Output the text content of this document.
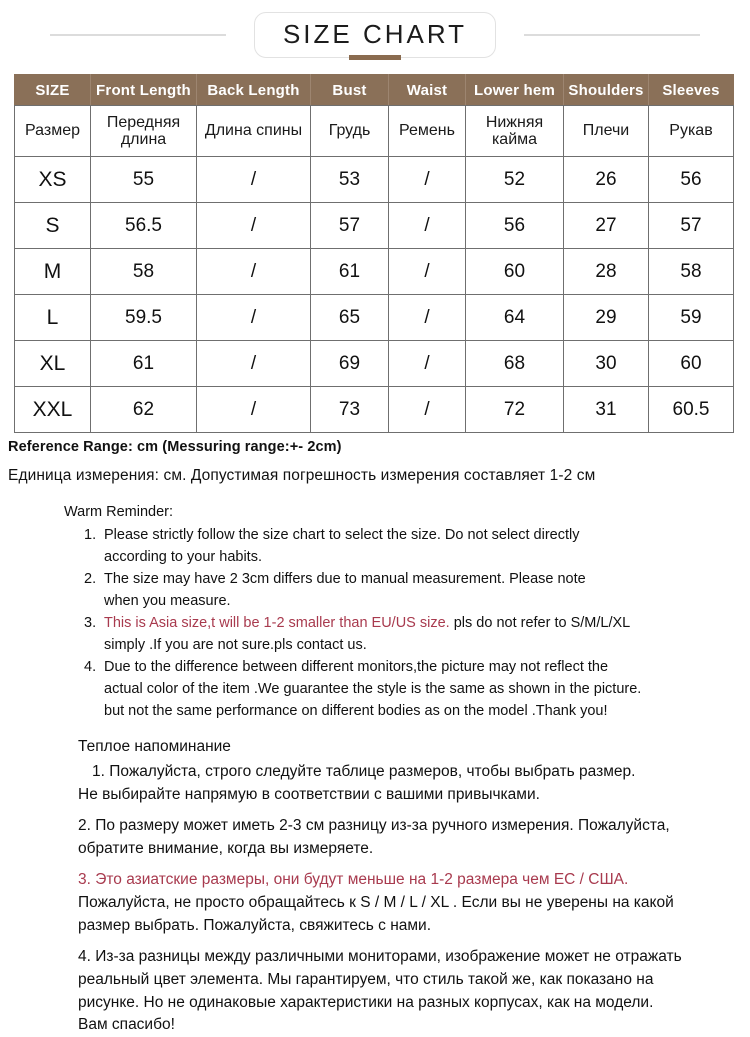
SIZE CHART
SIZE	Front Length	Back Length	Bust	Waist	Lower hem	Shoulders	Sleeves
Размер	Передняя длина	Длина спины	Грудь	Ремень	Нижняя кайма	Плечи	Рукав
XS	55	/	53	/	52	26	56
S	56.5	/	57	/	56	27	57
M	58	/	61	/	60	28	58
L	59.5	/	65	/	64	29	59
XL	61	/	69	/	68	30	60
XXL	62	/	73	/	72	31	60.5
Reference Range: cm (Messuring range:+- 2cm)
Единица измерения: см. Допустимая погрешность измерения составляет 1-2 см
Warm Reminder:
1. Please strictly follow the size chart to select the size. Do not select directly
according to your habits.
2. The size may have 2 3cm differs due to manual measurement. Please note
when you measure.
3. This is Asia size,t will be 1-2 smaller than EU/US size. pls do not refer to S/M/L/XL
simply .If you are not sure.pls contact us.
4. Due to the difference between different monitors,the picture may not reflect the
actual color of the item .We guarantee the style is the same as shown in the picture.
but not the same performance on different bodies as on the model .Thank you!
Теплое напоминание
1. Пожалуйста, строго следуйте таблице размеров, чтобы выбрать размер.
Не выбирайте напрямую в соответствии с вашими привычками.
2. По размеру может иметь 2-3 см разницу из-за ручного измерения. Пожалуйста,
обратите внимание, когда вы измеряете.
3. Это азиатские размеры, они будут меньше на 1-2 размера чем ЕС / США.
Пожалуйста, не просто обращайтесь к S / M / L / XL . Если вы не уверены на какой
размер выбрать. Пожалуйста, свяжитесь с нами.
4. Из-за разницы между различными мониторами, изображение может не отражать
реальный цвет элемента. Мы гарантируем, что стиль такой же, как показано на
рисунке. Но не одинаковые характеристики на разных корпусах, как на модели.
Вам спасибо!
